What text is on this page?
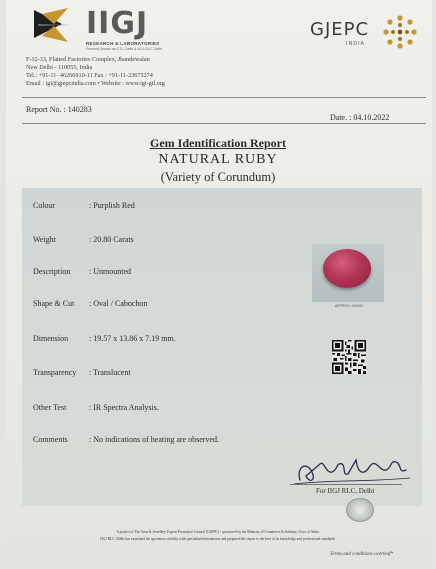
IIGJ
RESEARCH & LABORATORIES
Formerly known as GTL, Delhi & IIGJ-RLC, Delhi
GJEPC
INDIA
F-32-33, Flatted Factories Complex, Jhandewalan
New Delhi - 110055, India
Tel.: +91-11- 46266910-11 Fax : +91-11-23675274
Email : igi@gjepcindia.com • Website : www.igi-gtl.org
Report No. : 140283
Date. : 04.10.2022
Gem Identification Report
NATURAL RUBY
(Variety of Corundum)
Colour	: Purplish Red
Weight	: 20.80 Carats
Description : Unmounted
Shape & Cut : Oval / Cabochon
Dimension	: 19.57 x 13.86 x 7.19 mm.
Transparency : Translucent
Other Test	: IR Spectra Analysis.
Comments	: No indications of heating are observed.
APPROX. IMAGE
For IIGJ RLC, Delhi
A project of The Gem & Jewellery Export Promotion Council (GJEPC) - sponsored by the Ministry of Commerce & Industry, Govt. of India.
IIGJ RLC, Delhi has examined the specimen carefully with specialized instruments and prepared this report to the best of its knowledge and professional standards.
Terms and conditions overleaf*
